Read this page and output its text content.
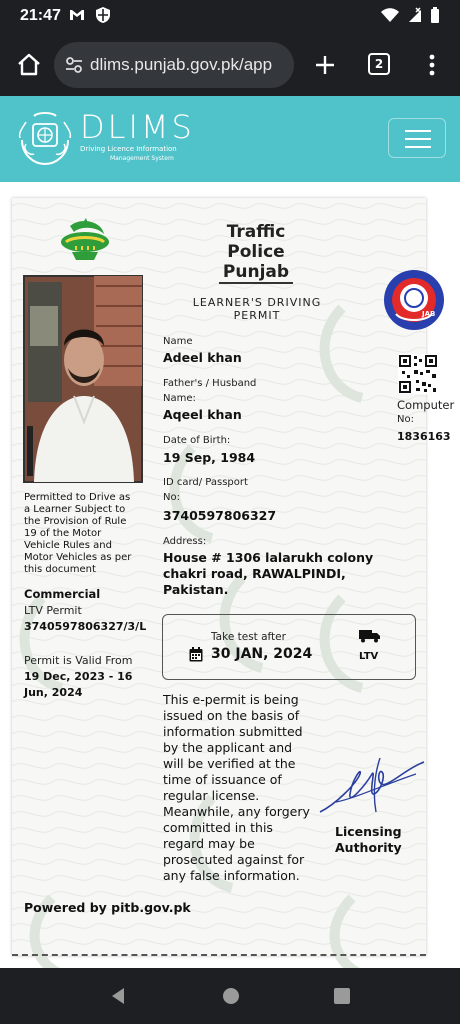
21:47
dlims.punjab.gov.pk/app	2
DLIMS
Driving Licence Information
Management System
Traffic
Police
Punjab
LEARNER'S DRIVING
PERMIT	JAB
Permitted to Drive as
a Learner Subject to
the Provision of Rule
19 of the Motor
Vehicle Rules and
Motor Vehicles as per
this document
Commercial
LTV Permit
3740597806327/3/L
Permit is Valid From
19 Dec, 2023 - 16
Jun, 2024
Name
Adeel khan
Father's / Husband
Name:
Aqeel khan
Date of Birth:
19 Sep, 1984
ID card/ Passport
No:
3740597806327
Address:
House # 1306 lalarukh colony
chakri road, RAWALPINDI,
Pakistan.
Computer
No:
1836163
Take test after
30 JAN, 2024	LTV
This e-permit is being
issued on the basis of
information submitted
by the applicant and
will be verified at the
time of issuance of
regular license.
Meanwhile, any forgery
committed in this
regard may be
prosecuted against for
any false information.
Licensing
Authority
Powered by pitb.gov.pk
